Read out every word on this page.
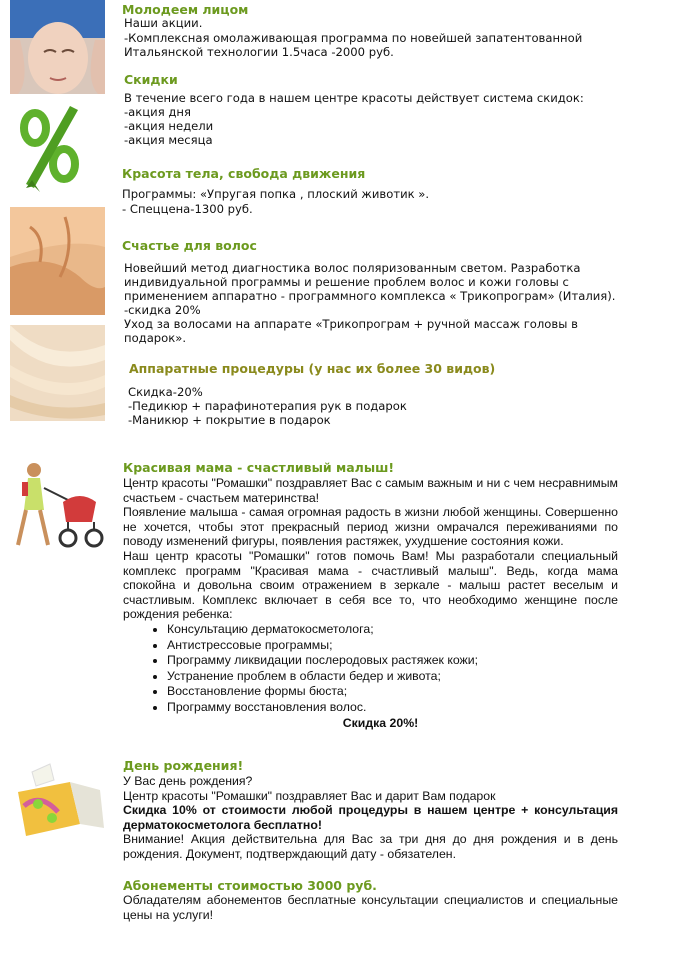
Молодеем лицом
Наши акции.
-Комплексная омолаживающая программа по новейшей запатентованной
Итальянской технологии 1.5часа -2000 руб.
Скидки
В течение всего года в нашем центре красоты действует система скидок:
-акция дня
-акция недели
-акция месяца
Красота тела, свобода движения
Программы: «Упругая попка , плоский животик ».
- Спеццена-1300 руб.
Счастье для волос
Новейший метод диагностика волос поляризованным светом. Разработка
индивидуальной программы и решение проблем волос и кожи головы с
применением аппаратно - программного комплекса « Трикопрограм» (Италия).
-скидка 20%
Уход за волосами на аппарате «Трикопрограм + ручной массаж головы в
подарок».
Аппаратные процедуры (у нас их более 30 видов)
Скидка-20%
-Педикюр + парафинотерапия рук в подарок
-Маникюр + покрытие в подарок
Красивая мама - счастливый малыш!

Центр красоты "Ромашки" поздравляет Вас с самым важным и ни с чем несравнимым счастьем - счастьем материнства!

Появление малыша - самая огромная радость в жизни любой женщины. Совершенно не хочется, чтобы этот прекрасный период жизни омрачался переживаниями по поводу изменений фигуры, появления растяжек, ухудшение состояния кожи.

Наш центр красоты "Ромашки" готов помочь Вам! Мы разработали специальный комплекс программ "Красивая мама - счастливый малыш". Ведь, когда мама спокойна и довольна своим отражением в зеркале - малыш растет веселым и счастливым. Комплекс включает в себя все то, что необходимо женщине после рождения ребенка:

• Консультацию дерматокосметолога;
• Антистрессовые программы;
• Программу ликвидации послеродовых растяжек кожи;
• Устранение проблем в области бедер и живота;
• Восстановление формы бюста;
• Программу восстановления волос.

Скидка 20%!

День рождения!

У Вас день рождения?

Центр красоты "Ромашки" поздравляет Вас и дарит Вам подарок

Скидка 10% от стоимости любой процедуры в нашем центре + консультация дерматокосметолога бесплатно!

Внимание! Акция действительна для Вас за три дня до дня рождения и в день рождения. Документ, подтверждающий дату - обязателен.

Абонементы стоимостью 3000 руб.

Обладателям абонементов бесплатные консультации специалистов и специальные цены на услуги!
